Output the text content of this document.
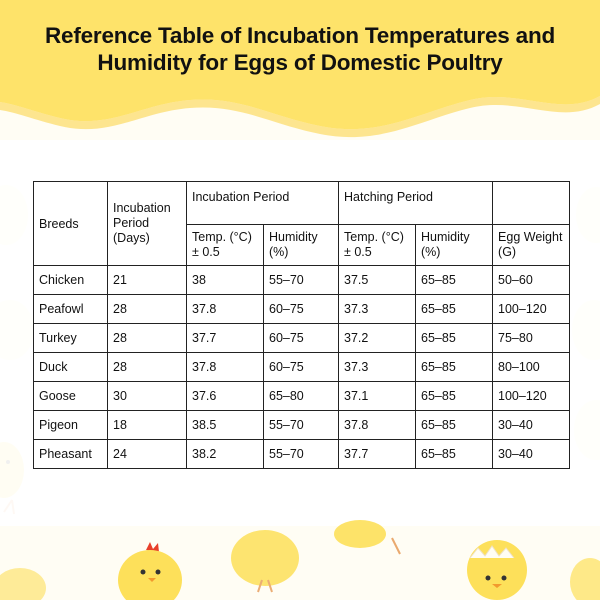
Reference Table of Incubation Temperatures and
Humidity for Eggs of Domestic Poultry
Breeds	Incubation Period (Days)	Incubation Period		Hatching Period		
		Temp. (°C) ± 0.5	Humidity (%)	Temp. (°C) ± 0.5	Humidity (%)	Egg Weight (G)
Chicken	21	38	55–70	37.5	65–85	50–60
Peafowl	28	37.8	60–75	37.3	65–85	100–120
Turkey	28	37.7	60–75	37.2	65–85	75–80
Duck	28	37.8	60–75	37.3	65–85	80–100
Goose	30	37.6	65–80	37.1	65–85	100–120
Pigeon	18	38.5	55–70	37.8	65–85	30–40
Pheasant	24	38.2	55–70	37.7	65–85	30–40
